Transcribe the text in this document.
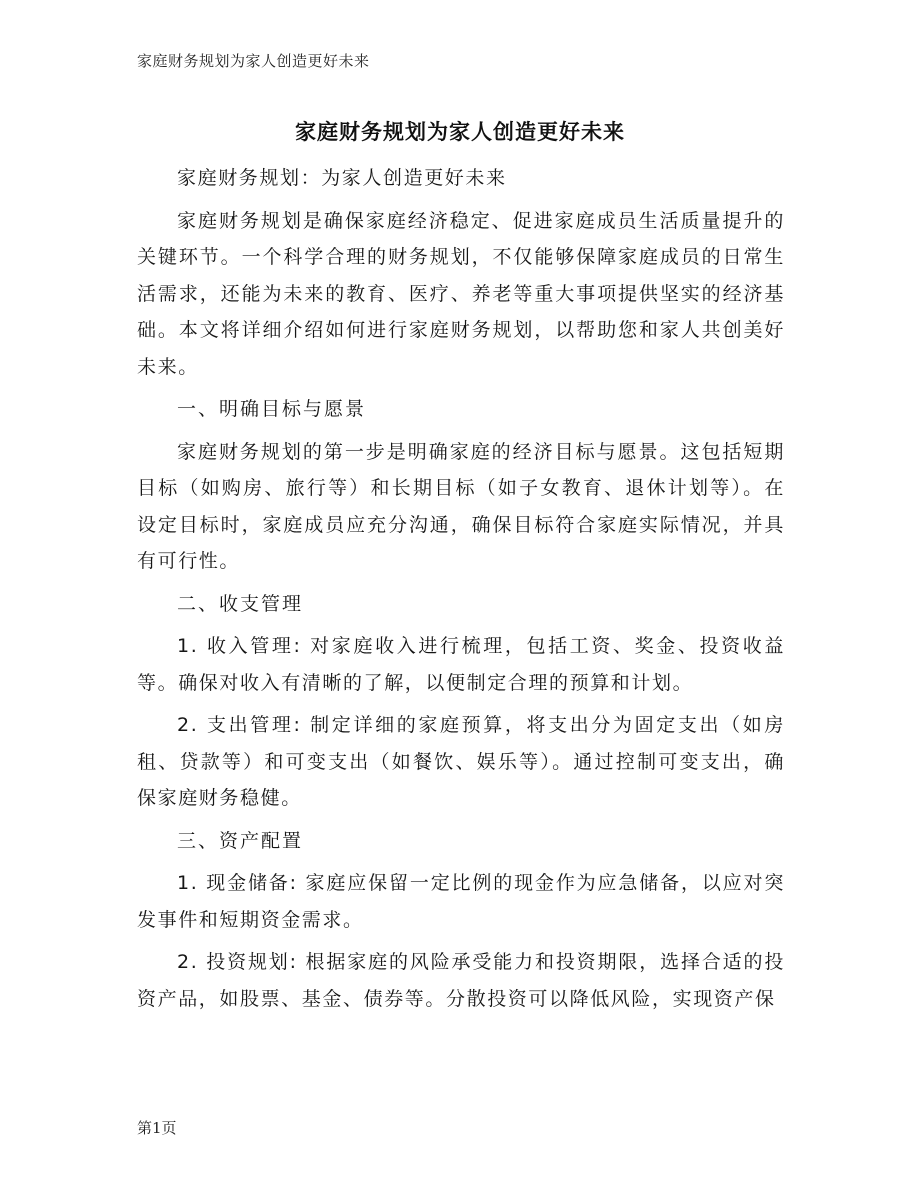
家庭财务规划为家人创造更好未来
家庭财务规划为家人创造更好未来

家庭财务规划：为家人创造更好未来

家庭财务规划是确保家庭经济稳定、促进家庭成员生活质量提升的关键环节。一个科学合理的财务规划，不仅能够保障家庭成员的日常生活需求，还能为未来的教育、医疗、养老等重大事项提供坚实的经济基础。本文将详细介绍如何进行家庭财务规划，以帮助您和家人共创美好未来。

一、明确目标与愿景

家庭财务规划的第一步是明确家庭的经济目标与愿景。这包括短期目标（如购房、旅行等）和长期目标（如子女教育、退休计划等）。在设定目标时，家庭成员应充分沟通，确保目标符合家庭实际情况，并具有可行性。

二、收支管理

1. 收入管理: 对家庭收入进行梳理，包括工资、奖金、投资收益等。确保对收入有清晰的了解，以便制定合理的预算和计划。

2. 支出管理: 制定详细的家庭预算，将支出分为固定支出（如房租、贷款等）和可变支出（如餐饮、娱乐等）。通过控制可变支出，确保家庭财务稳健。

三、资产配置

1. 现金储备: 家庭应保留一定比例的现金作为应急储备，以应对突发事件和短期资金需求。

2. 投资规划: 根据家庭的风险承受能力和投资期限，选择合适的投资产品，如股票、基金、债券等。分散投资可以降低风险，实现资产保

第1页
